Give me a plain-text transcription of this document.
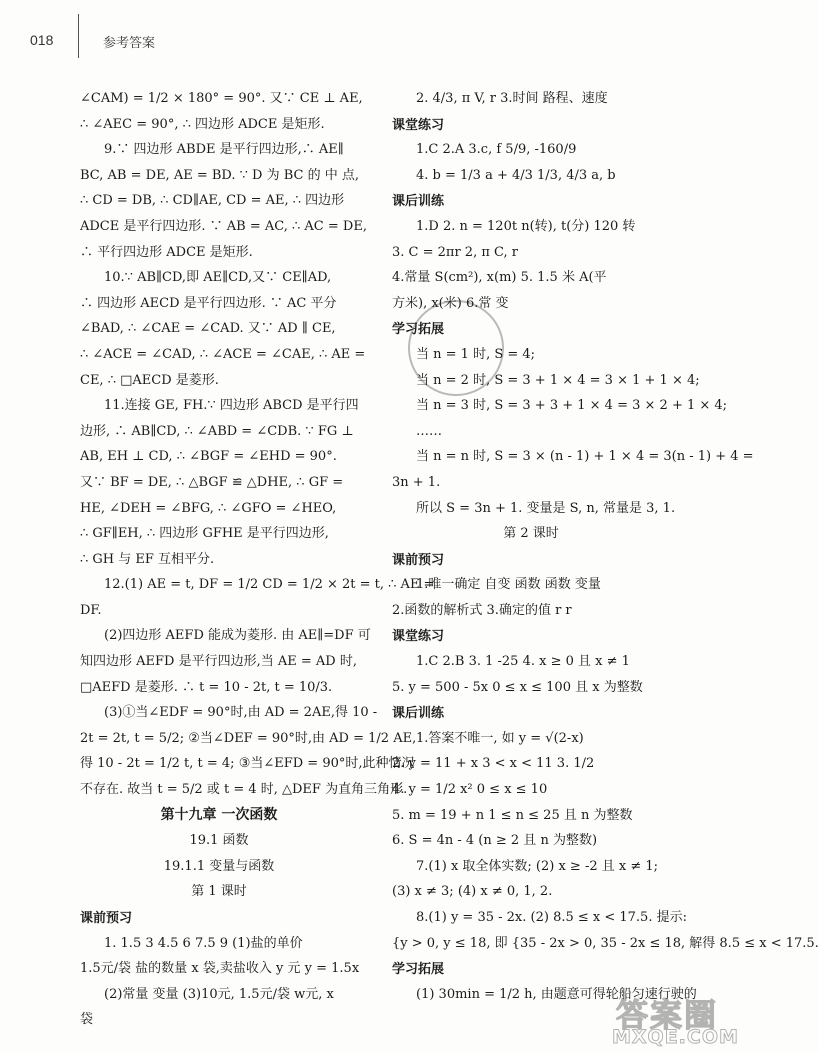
018	参考答案
∠CAM) = 1/2 × 180° = 90°. 又∵ CE ⊥ AE,
∴ ∠AEC = 90°, ∴ 四边形 ADCE 是矩形.
9.∵ 四边形 ABDE 是平行四边形,∴ AE∥
BC, AB = DE, AE = BD. ∵ D 为 BC 的 中 点,
∴ CD = DB, ∴ CD∥AE, CD = AE, ∴ 四边形
ADCE 是平行四边形. ∵ AB = AC, ∴ AC = DE,
∴ 平行四边形 ADCE 是矩形.
10.∵ AB∥CD,即 AE∥CD,又∵ CE∥AD,
∴ 四边形 AECD 是平行四边形. ∵ AC 平分
∠BAD, ∴ ∠CAE = ∠CAD. 又∵ AD ∥ CE,
∴ ∠ACE = ∠CAD, ∴ ∠ACE = ∠CAE, ∴ AE =
CE, ∴ □AECD 是菱形.
11.连接 GE, FH.∵ 四边形 ABCD 是平行四
边形, ∴ AB∥CD, ∴ ∠ABD = ∠CDB. ∵ FG ⊥
AB, EH ⊥ CD, ∴ ∠BGF = ∠EHD = 90°.
又∵ BF = DE, ∴ △BGF ≌ △DHE, ∴ GF =
HE, ∠DEH = ∠BFG, ∴ ∠GFO = ∠HEO,
∴ GF∥EH, ∴ 四边形 GFHE 是平行四边形,
∴ GH 与 EF 互相平分.
12.(1) AE = t, DF = 1/2 CD = 1/2 × 2t = t, ∴ AE =
DF.
(2)四边形 AEFD 能成为菱形. 由 AE∥=DF 可
知四边形 AEFD 是平行四边形,当 AE = AD 时,
□AEFD 是菱形. ∴ t = 10 - 2t, t = 10/3.
(3)①当∠EDF = 90°时,由 AD = 2AE,得 10 -
2t = 2t, t = 5/2; ②当∠DEF = 90°时,由 AD = 1/2 AE,
得 10 - 2t = 1/2 t, t = 4; ③当∠EFD = 90°时,此种情况
不存在. 故当 t = 5/2 或 t = 4 时, △DEF 为直角三角形.
第十九章 一次函数
19.1 函数
19.1.1 变量与函数
第 1 课时
课前预习
1. 1.5 3 4.5 6 7.5 9 (1)盐的单价
1.5元/袋 盐的数量 x 袋,卖盐收入 y 元 y = 1.5x
(2)常量 变量 (3)10元, 1.5元/袋 w元, x
袋
2. 4/3, π V, r 3.时间 路程、速度
课堂练习
1.C 2.A 3.c, f 5/9, -160/9
4. b = 1/3 a + 4/3 1/3, 4/3 a, b
课后训练
1.D 2. n = 120t n(转), t(分) 120 转
3. C = 2πr 2, π C, r
4.常量 S(cm²), x(m) 5. 1.5 米 A(平
方米), x(米) 6.常 变
学习拓展
当 n = 1 时, S = 4;
当 n = 2 时, S = 3 + 1 × 4 = 3 × 1 + 1 × 4;
当 n = 3 时, S = 3 + 3 + 1 × 4 = 3 × 2 + 1 × 4;
……
当 n = n 时, S = 3 × (n - 1) + 1 × 4 = 3(n - 1) + 4 =
3n + 1.
所以 S = 3n + 1. 变量是 S, n, 常量是 3, 1.
第 2 课时
课前预习
1.唯一确定 自变 函数 函数 变量
2.函数的解析式 3.确定的值 r r
课堂练习
1.C 2.B 3. 1 -25 4. x ≥ 0 且 x ≠ 1
5. y = 500 - 5x 0 ≤ x ≤ 100 且 x 为整数
课后训练
1.答案不唯一, 如 y = √(2-x)
2. y = 11 + x 3 < x < 11 3. 1/2
4. y = 1/2 x² 0 ≤ x ≤ 10
5. m = 19 + n 1 ≤ n ≤ 25 且 n 为整数
6. S = 4n - 4 (n ≥ 2 且 n 为整数)
7.(1) x 取全体实数; (2) x ≥ -2 且 x ≠ 1;
(3) x ≠ 3; (4) x ≠ 0, 1, 2.
8.(1) y = 35 - 2x. (2) 8.5 ≤ x < 17.5. 提示:
{y > 0, y ≤ 18, 即 {35 - 2x > 0, 35 - 2x ≤ 18, 解得 8.5 ≤ x < 17.5.
学习拓展
(1) 30min = 1/2 h, 由题意可得轮船匀速行驶的
答案圈
MXQE.COM
